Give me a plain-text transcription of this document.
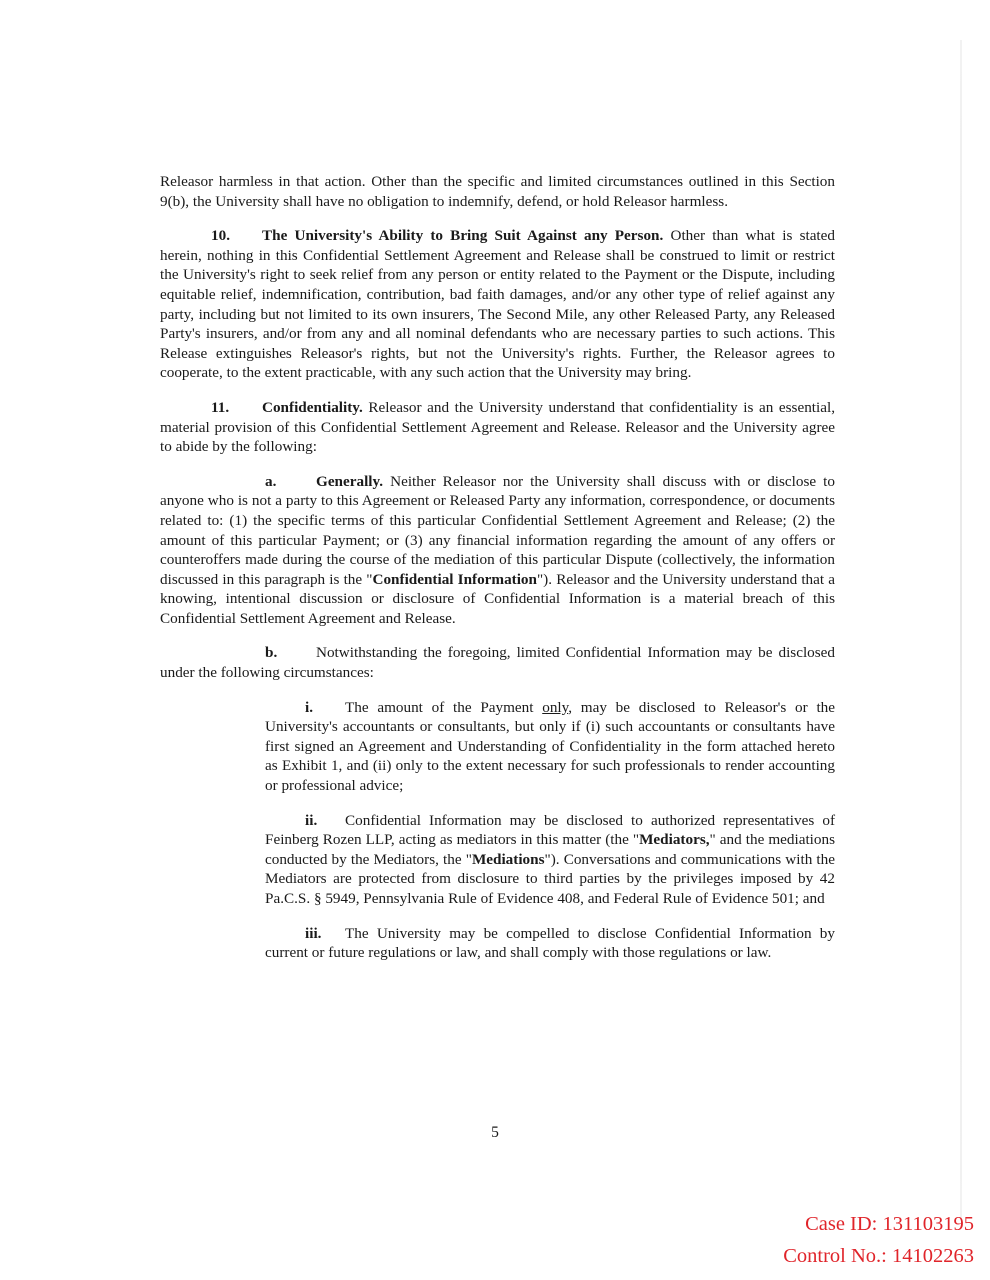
Releasor harmless in that action. Other than the specific and limited circumstances outlined in this Section 9(b), the University shall have no obligation to indemnify, defend, or hold Releasor harmless.

10. The University's Ability to Bring Suit Against any Person. Other than what is stated herein, nothing in this Confidential Settlement Agreement and Release shall be construed to limit or restrict the University's right to seek relief from any person or entity related to the Payment or the Dispute, including equitable relief, indemnification, contribution, bad faith damages, and/or any other type of relief against any party, including but not limited to its own insurers, The Second Mile, any other Released Party, any Released Party's insurers, and/or from any and all nominal defendants who are necessary parties to such actions. This Release extinguishes Releasor's rights, but not the University's rights. Further, the Releasor agrees to cooperate, to the extent practicable, with any such action that the University may bring.

11. Confidentiality. Releasor and the University understand that confidentiality is an essential, material provision of this Confidential Settlement Agreement and Release. Releasor and the University agree to abide by the following:

a.	Generally. Neither Releasor nor the University shall discuss with or disclose to anyone who is not a party to this Agreement or Released Party any information, correspondence, or documents related to: (1) the specific terms of this particular Confidential Settlement Agreement and Release; (2) the amount of this particular Payment; or (3) any financial information regarding the amount of any offers or counteroffers made during the course of the mediation of this particular Dispute (collectively, the information discussed in this paragraph is the "Confidential Information"). Releasor and the University understand that a knowing, intentional discussion or disclosure of Confidential Information is a material breach of this Confidential Settlement Agreement and Release.

b.	Notwithstanding the foregoing, limited Confidential Information may be disclosed under the following circumstances:

i. The amount of the Payment only, may be disclosed to Releasor's or the University's accountants or consultants, but only if (i) such accountants or consultants have first signed an Agreement and Understanding of Confidentiality in the form attached hereto as Exhibit 1, and (ii) only to the extent necessary for such professionals to render accounting or professional advice;

ii. Confidential Information may be disclosed to authorized representatives of Feinberg Rozen LLP, acting as mediators in this matter (the "Mediators," and the mediations conducted by the Mediators, the "Mediations"). Conversations and communications with the Mediators are protected from disclosure to third parties by the privileges imposed by 42 Pa.C.S. § 5949, Pennsylvania Rule of Evidence 408, and Federal Rule of Evidence 501; and

iii. The University may be compelled to disclose Confidential Information by current or future regulations or law, and shall comply with those regulations or law.

5
Case ID: 131103195
Control No.: 14102263
